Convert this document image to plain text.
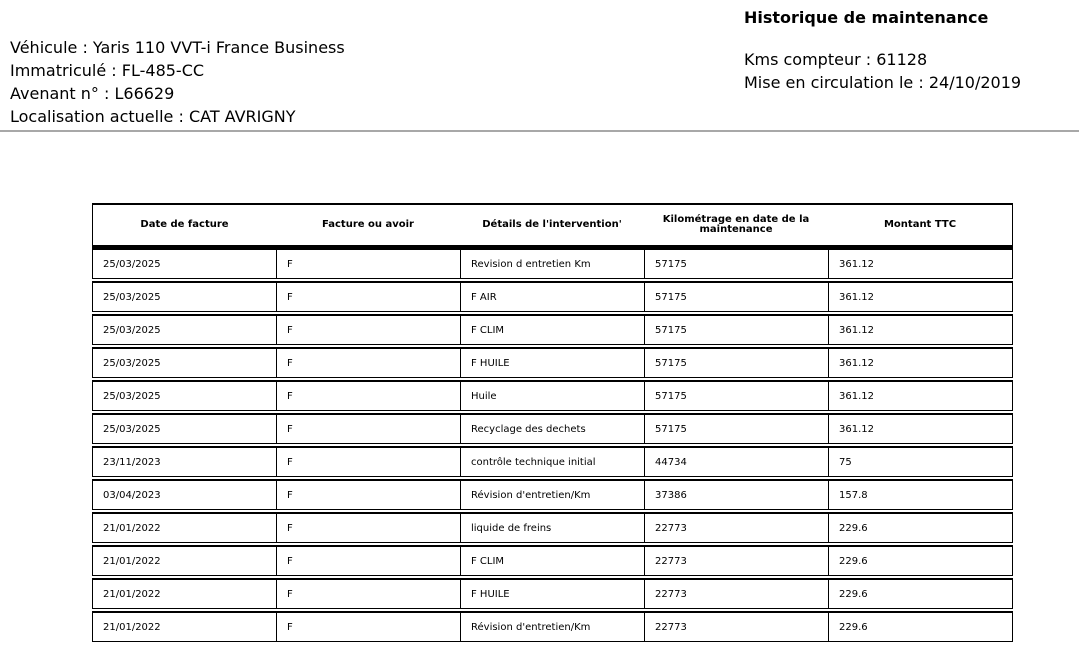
Historique de maintenance
Véhicule : Yaris 110 VVT-i France Business
Immatriculé : FL-485-CC
Avenant n° : L66629
Localisation actuelle : CAT AVRIGNY
Kms compteur : 61128
Mise en circulation le : 24/10/2019
Date de facture	Facture ou avoir	Détails de l'intervention'	Kilométrage en date de la maintenance	Montant TTC
25/03/2025	F	Revision d entretien Km	57175	361.12

25/03/2025	F	F AIR	57175	361.12

25/03/2025	F	F CLIM	57175	361.12

25/03/2025	F	F HUILE	57175	361.12

25/03/2025	F	Huile	57175	361.12

25/03/2025	F	Recyclage des dechets	57175	361.12

23/11/2023	F	contrôle technique initial	44734	75

03/04/2023	F	Révision d'entretien/Km	37386	157.8

21/01/2022	F	liquide de freins	22773	229.6

21/01/2022	F	F CLIM	22773	229.6

21/01/2022	F	F HUILE	22773	229.6

21/01/2022	F	Révision d'entretien/Km	22773	229.6
